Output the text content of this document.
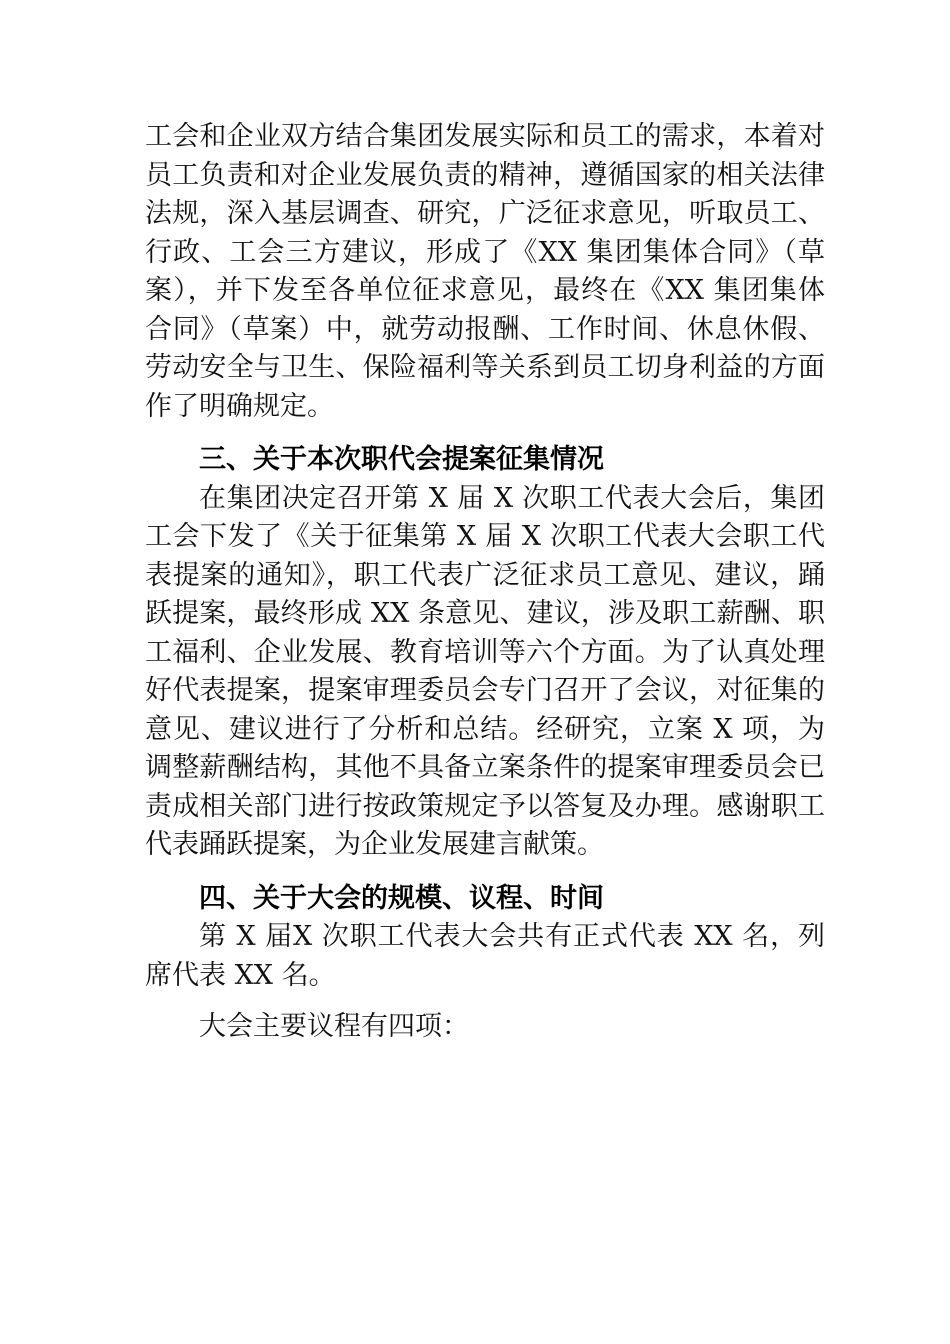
工会和企业双方结合集团发展实际和员工的需求，本着对员工负责和对企业发展负责的精神，遵循国家的相关法律法规，深入基层调查、研究，广泛征求意见，听取员工、行政、工会三方建议，形成了《XX 集团集体合同》（草案），并下发至各单位征求意见，最终在《XX 集团集体合同》（草案）中，就劳动报酬、工作时间、休息休假、劳动安全与卫生、保险福利等关系到员工切身利益的方面作了明确规定。

三、关于本次职代会提案征集情况

在集团决定召开第 X 届 X 次职工代表大会后，集团工会下发了《关于征集第 X 届 X 次职工代表大会职工代表提案的通知》，职工代表广泛征求员工意见、建议，踊跃提案，最终形成 XX 条意见、建议，涉及职工薪酬、职工福利、企业发展、教育培训等六个方面。为了认真处理好代表提案，提案审理委员会专门召开了会议，对征集的意见、建议进行了分析和总结。经研究，立案 X 项，为调整薪酬结构，其他不具备立案条件的提案审理委员会已责成相关部门进行按政策规定予以答复及办理。感谢职工代表踊跃提案，为企业发展建言献策。

四、关于大会的规模、议程、时间

第 X 届X 次职工代表大会共有正式代表 XX 名，列席代表 XX 名。

大会主要议程有四项：
